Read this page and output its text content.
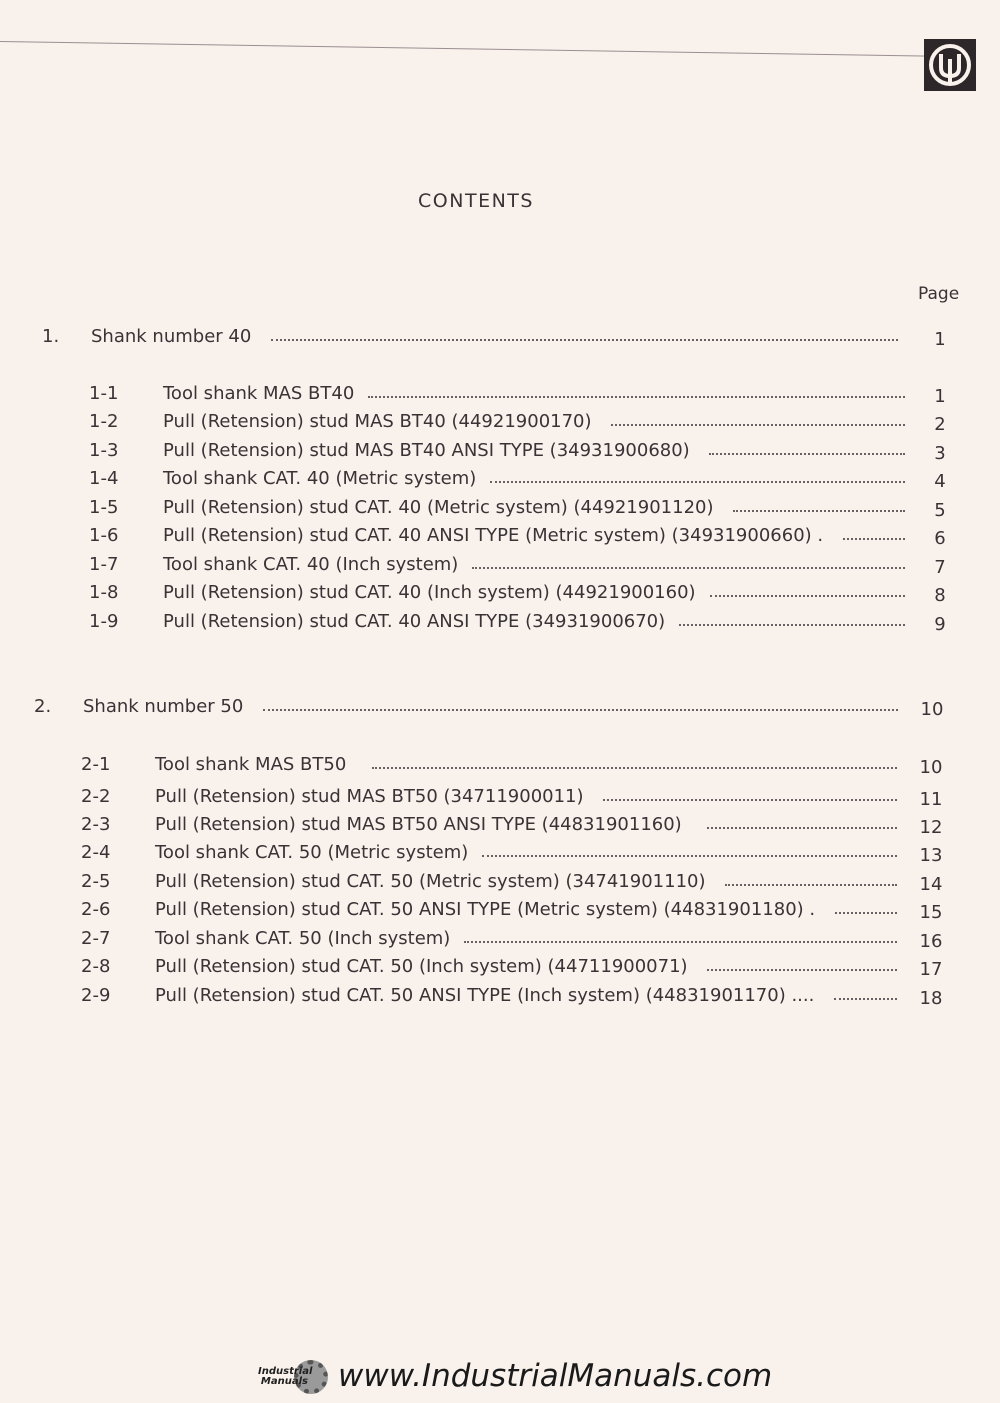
CONTENTS
Page
1. Shank number 40	1
1-1 Tool shank MAS BT40	1
1-2 Pull (Retension) stud MAS BT40 (44921900170)	2
1-3 Pull (Retension) stud MAS BT40 ANSI TYPE (34931900680)	3
1-4 Tool shank CAT. 40 (Metric system)	4
1-5 Pull (Retension) stud CAT. 40 (Metric system) (44921901120)	5
1-6 Pull (Retension) stud CAT. 40 ANSI TYPE (Metric system) (34931900660) .	6
1-7 Tool shank CAT. 40 (Inch system)	7
1-8 Pull (Retension) stud CAT. 40 (Inch system) (44921900160)	8
1-9 Pull (Retension) stud CAT. 40 ANSI TYPE (34931900670)	9
2. Shank number 50	10
2-1 Tool shank MAS BT50	10
2-2 Pull (Retension) stud MAS BT50 (34711900011)	11
2-3 Pull (Retension) stud MAS BT50 ANSI TYPE (44831901160)	12
2-4 Tool shank CAT. 50 (Metric system)	13
2-5 Pull (Retension) stud CAT. 50 (Metric system) (34741901110)	14
2-6 Pull (Retension) stud CAT. 50 ANSI TYPE (Metric system) (44831901180) .	15
2-7 Tool shank CAT. 50 (Inch system)	16
2-8 Pull (Retension) stud CAT. 50 (Inch system) (44711900071)	17
2-9 Pull (Retension) stud CAT. 50 ANSI TYPE (Inch system) (44831901170) ....	18
Industrial
Manuals www.IndustrialManuals.com
